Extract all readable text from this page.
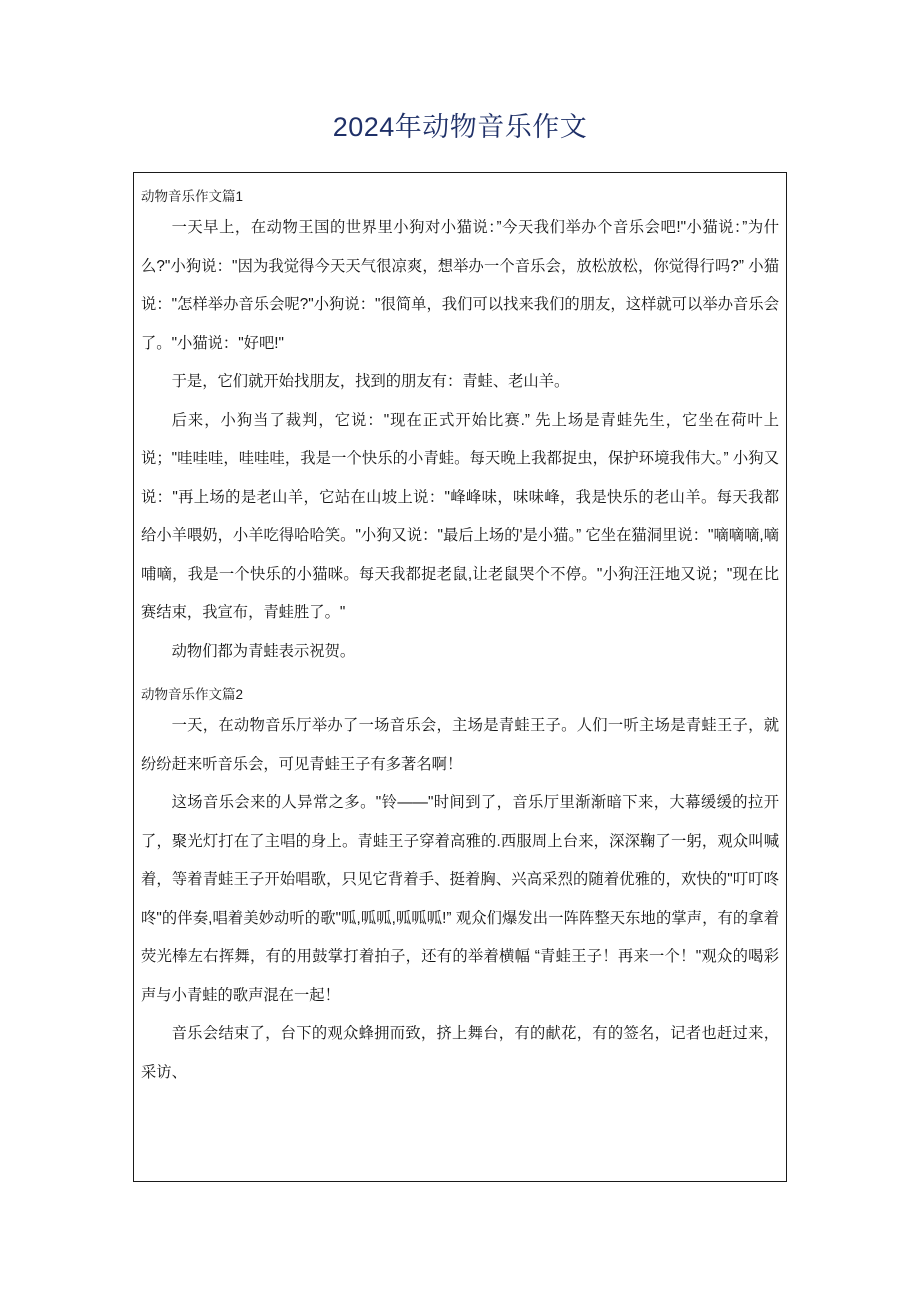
2024年动物音乐作文
动物音乐作文篇1

一天早上，在动物王国的世界里小狗对小猫说：”今天我们举办个音乐会吧!"小猫说：”为什么?"小狗说："因为我觉得今天天气很凉爽，想举办一个音乐会，放松放松，你觉得行吗?” 小猫说："怎样举办音乐会呢?"小狗说："很简单，我们可以找来我们的朋友，这样就可以举办音乐会了。"小猫说："好吧!"

于是，它们就开始找朋友，找到的朋友有：青蛙、老山羊。

后来，小狗当了裁判，它说："现在正式开始比赛.” 先上场是青蛙先生，它坐在荷叶上说；"哇哇哇，哇哇哇，我是一个快乐的小青蛙。每天晚上我都捉虫，保护环境我伟大。” 小狗又说："再上场的是老山羊，它站在山坡上说："峰峰味，味味峰，我是快乐的老山羊。每天我都给小羊喂奶，小羊吃得哈哈笑。"小狗又说："最后上场的'是小猫。” 它坐在猫洞里说："嘀嘀嘀,嘀哺嘀，我是一个快乐的小猫咪。每天我都捉老鼠,让老鼠哭个不停。"小狗汪汪地又说；"现在比赛结束，我宣布，青蛙胜了。"

动物们都为青蛙表示祝贺。

动物音乐作文篇2

一天，在动物音乐厅举办了一场音乐会，主场是青蛙王子。人们一听主场是青蛙王子，就纷纷赶来听音乐会，可见青蛙王子有多著名啊！

这场音乐会来的人异常之多。"铃——"时间到了，音乐厅里渐渐暗下来，大幕缓缓的拉开了，聚光灯打在了主唱的身上。青蛙王子穿着高雅的.西服周上台来，深深鞠了一躬，观众叫喊着，等着青蛙王子开始唱歌，只见它背着手、挺着胸、兴高采烈的随着优雅的，欢快的"叮叮咚咚"的伴奏,唱着美妙动听的歌"呱,呱呱,呱呱呱!” 观众们爆发出一阵阵整天东地的掌声，有的拿着荧光棒左右挥舞，有的用鼓掌打着拍子，还有的举着横幅 “青蛙王子！再来一个！"观众的喝彩声与小青蛙的歌声混在一起！

音乐会结束了，台下的观众蜂拥而致，挤上舞台，有的献花，有的签名，记者也赶过来，采访、
